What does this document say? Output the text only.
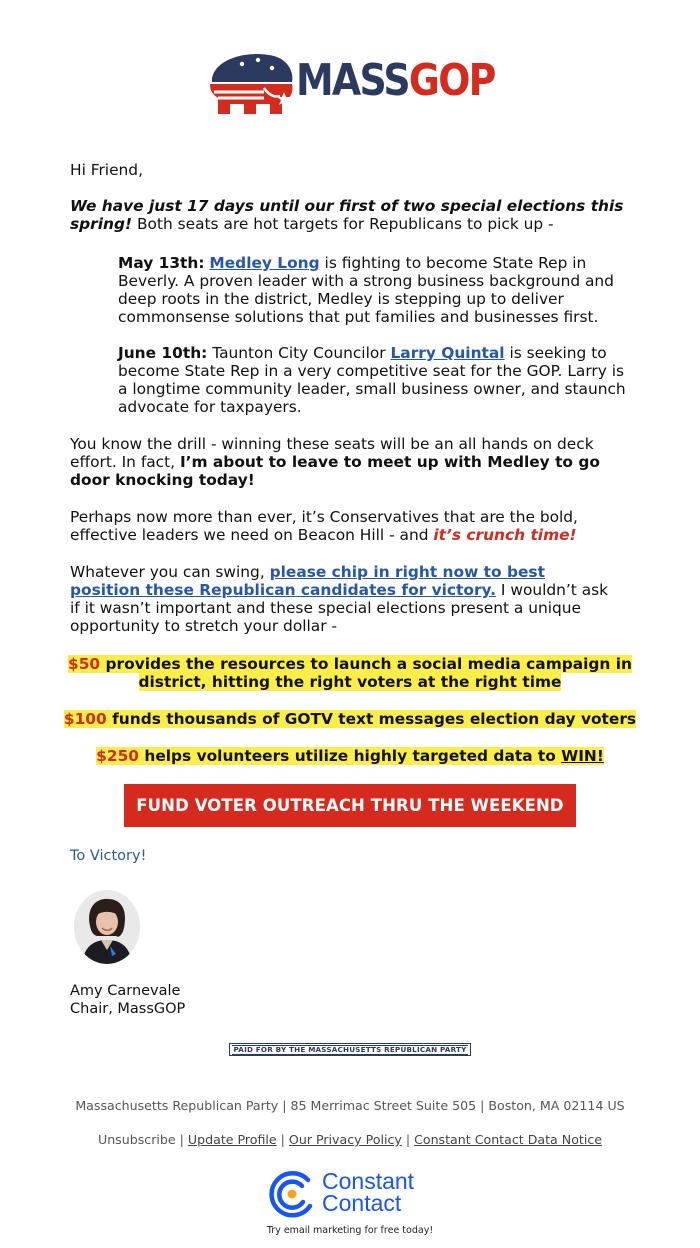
MASSGOP
Hi Friend,
We have just 17 days until our first of two special elections this spring! Both seats are hot targets for Republicans to pick up -
May 13th: Medley Long is fighting to become State Rep in Beverly. A proven leader with a strong business background and deep roots in the district, Medley is stepping up to deliver commonsense solutions that put families and businesses first.
June 10th: Taunton City Councilor Larry Quintal is seeking to become State Rep in a very competitive seat for the GOP. Larry is a longtime community leader, small business owner, and staunch advocate for taxpayers.
You know the drill - winning these seats will be an all hands on deck effort. In fact, I’m about to leave to meet up with Medley to go door knocking today!
Perhaps now more than ever, it’s Conservatives that are the bold, effective leaders we need on Beacon Hill - and it’s crunch time!
Whatever you can swing, please chip in right now to best position these Republican candidates for victory. I wouldn’t ask if it wasn’t important and these special elections present a unique opportunity to stretch your dollar -
$50 provides the resources to launch a social media campaign in district, hitting the right voters at the right time
$100 funds thousands of GOTV text messages election day voters
$250 helps volunteers utilize highly targeted data to WIN!
FUND VOTER OUTREACH THRU THE WEEKEND
To Victory!
Amy Carnevale
Chair, MassGOP
PAID FOR BY THE MASSACHUSETTS REPUBLICAN PARTY
Massachusetts Republican Party | 85 Merrimac Street Suite 505 | Boston, MA 02114 US
Unsubscribe | Update Profile | Our Privacy Policy | Constant Contact Data Notice
Constant
Contact
Try email marketing for free today!
